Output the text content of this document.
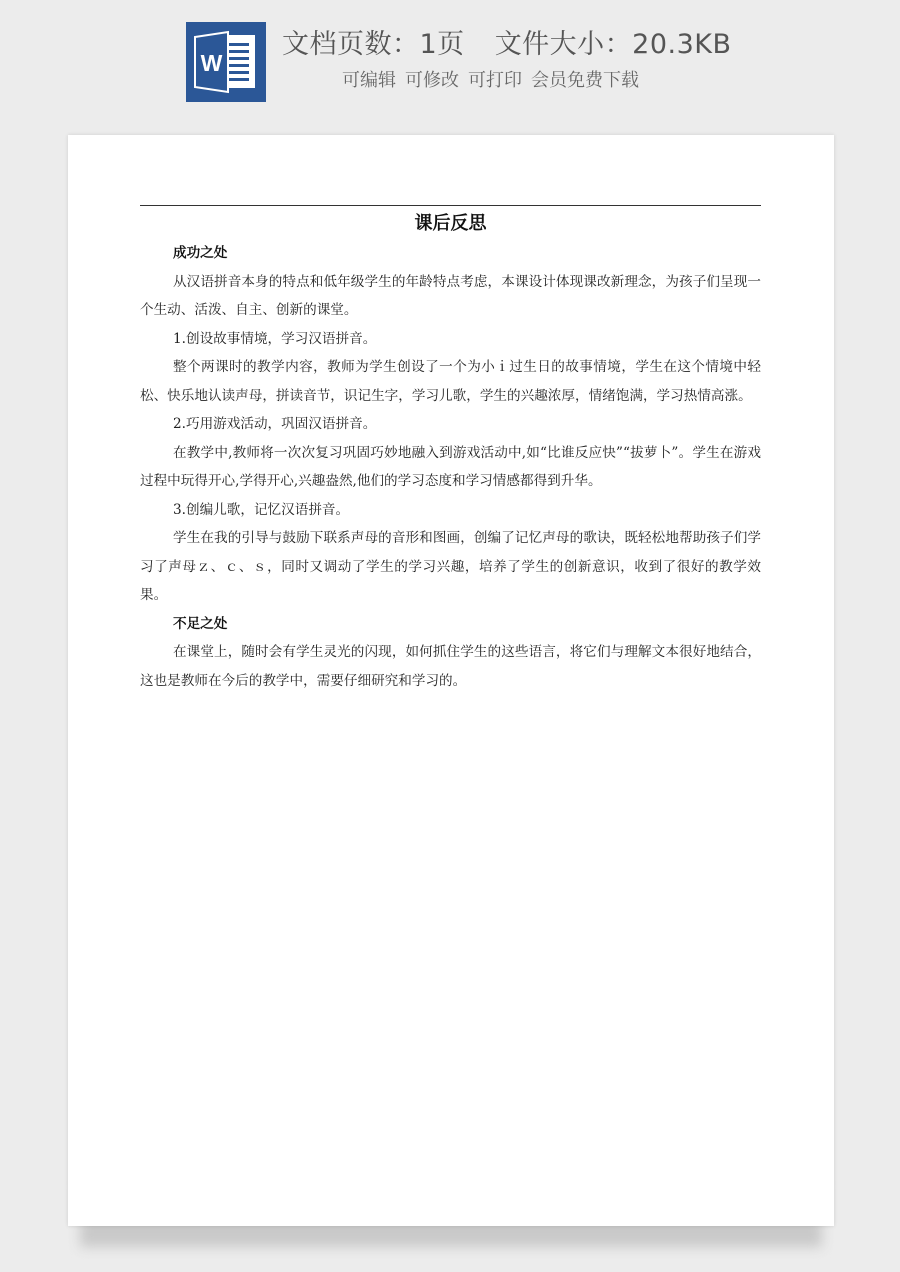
W
文档页数：1页 文件大小：20.3KB
可编辑 可修改 可打印 会员免费下载
课后反思

成功之处

从汉语拼音本身的特点和低年级学生的年龄特点考虑，本课设计体现课改新理念，为孩子们呈现一个生动、活泼、自主、创新的课堂。

1.创设故事情境，学习汉语拼音。

整个两课时的教学内容，教师为学生创设了一个为小ｉ过生日的故事情境，学生在这个情境中轻松、快乐地认读声母，拼读音节，识记生字，学习儿歌，学生的兴趣浓厚，情绪饱满，学习热情高涨。

2.巧用游戏活动，巩固汉语拼音。

在教学中,教师将一次次复习巩固巧妙地融入到游戏活动中,如“比谁反应快”“拔萝卜”。学生在游戏过程中玩得开心,学得开心,兴趣盎然,他们的学习态度和学习情感都得到升华。

3.创编儿歌，记忆汉语拼音。

学生在我的引导与鼓励下联系声母的音形和图画，创编了记忆声母的歌诀，既轻松地帮助孩子们学习了声母ｚ、ｃ、ｓ，同时又调动了学生的学习兴趣，培养了学生的创新意识，收到了很好的教学效果。

不足之处

在课堂上，随时会有学生灵光的闪现，如何抓住学生的这些语言，将它们与理解文本很好地结合，这也是教师在今后的教学中，需要仔细研究和学习的。
